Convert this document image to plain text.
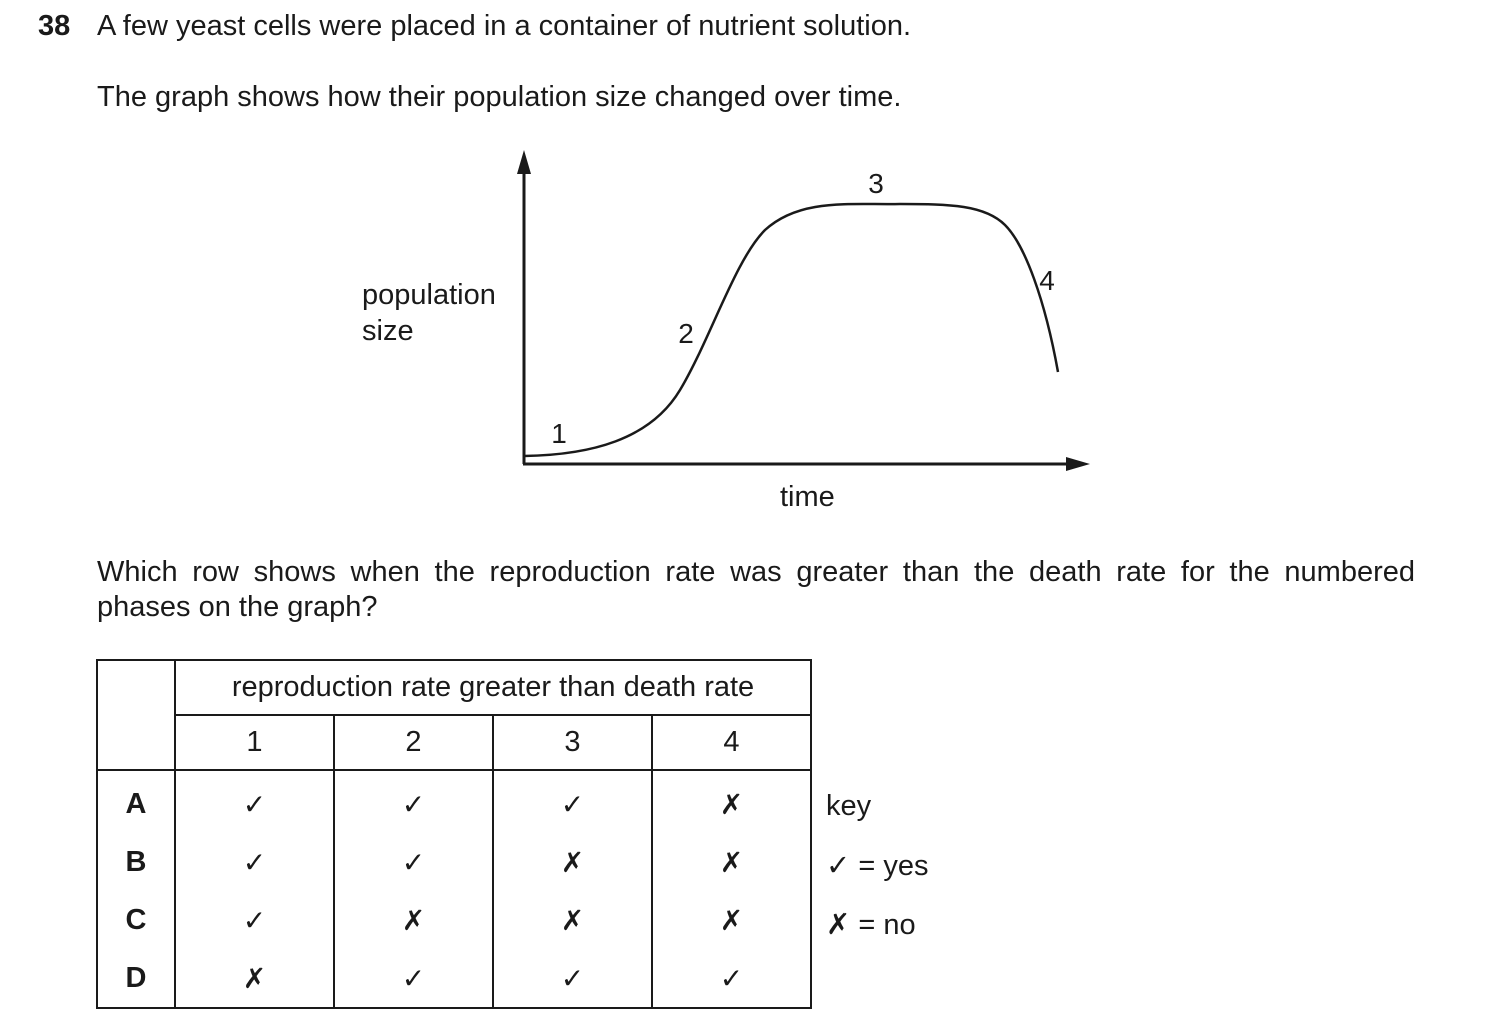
38 A few yeast cells were placed in a container of nutrient solution.
The graph shows how their population size changed over time.
1
2
3
4
population
size
time
Which row shows when the reproduction rate was greater than the death rate for the numbered
phases on the graph?
	reproduction rate greater than death rate			
	1	2	3	4
A	✓	✓	✓	✗
B	✓	✓	✗	✗
C	✓	✗	✗	✗
D	✗	✓	✓	✓
key
✓ = yes
✗ = no
